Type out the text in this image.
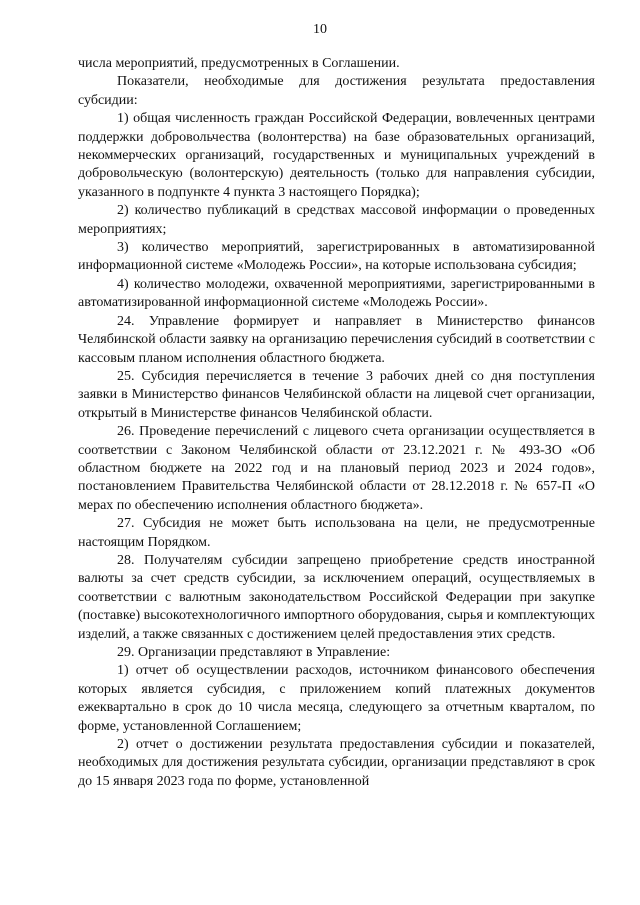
10

числа мероприятий, предусмотренных в Соглашении.

Показатели, необходимые для достижения результата предоставления субсидии:

1) общая численность граждан Российской Федерации, вовлеченных центрами поддержки добровольчества (волонтерства) на базе образовательных организаций, некоммерческих организаций, государственных и муниципальных учреждений в добровольческую (волонтерскую) деятельность (только для направления субсидии, указанного в подпункте 4 пункта 3 настоящего Порядка);

2) количество публикаций в средствах массовой информации о проведенных мероприятиях;

3) количество мероприятий, зарегистрированных в автоматизированной информационной системе «Молодежь России», на которые использована субсидия;

4) количество молодежи, охваченной мероприятиями, зарегистрированными в автоматизированной информационной системе «Молодежь России».

24. Управление формирует и направляет в Министерство финансов Челябинской области заявку на организацию перечисления субсидий в соответствии с кассовым планом исполнения областного бюджета.

25. Субсидия перечисляется в течение 3 рабочих дней со дня поступления заявки в Министерство финансов Челябинской области на лицевой счет организации, открытый в Министерстве финансов Челябинской области.

26. Проведение перечислений с лицевого счета организации осуществляется в соответствии с Законом Челябинской области от 23.12.2021 г. № 493-ЗО «Об областном бюджете на 2022 год и на плановый период 2023 и 2024 годов», постановлением Правительства Челябинской области от 28.12.2018 г. № 657-П «О мерах по обеспечению исполнения областного бюджета».

27. Субсидия не может быть использована на цели, не предусмотренные настоящим Порядком.

28. Получателям субсидии запрещено приобретение средств иностранной валюты за счет средств субсидии, за исключением операций, осуществляемых в соответствии с валютным законодательством Российской Федерации при закупке (поставке) высокотехнологичного импортного оборудования, сырья и комплектующих изделий, а также связанных с достижением целей предоставления этих средств.

29. Организации представляют в Управление:

1) отчет об осуществлении расходов, источником финансового обеспечения которых является субсидия, с приложением копий платежных документов ежеквартально в срок до 10 числа месяца, следующего за отчетным кварталом, по форме, установленной Соглашением;

2) отчет о достижении результата предоставления субсидии и показателей, необходимых для достижения результата субсидии, организации представляют в срок до 15 января 2023 года по форме, установленной
